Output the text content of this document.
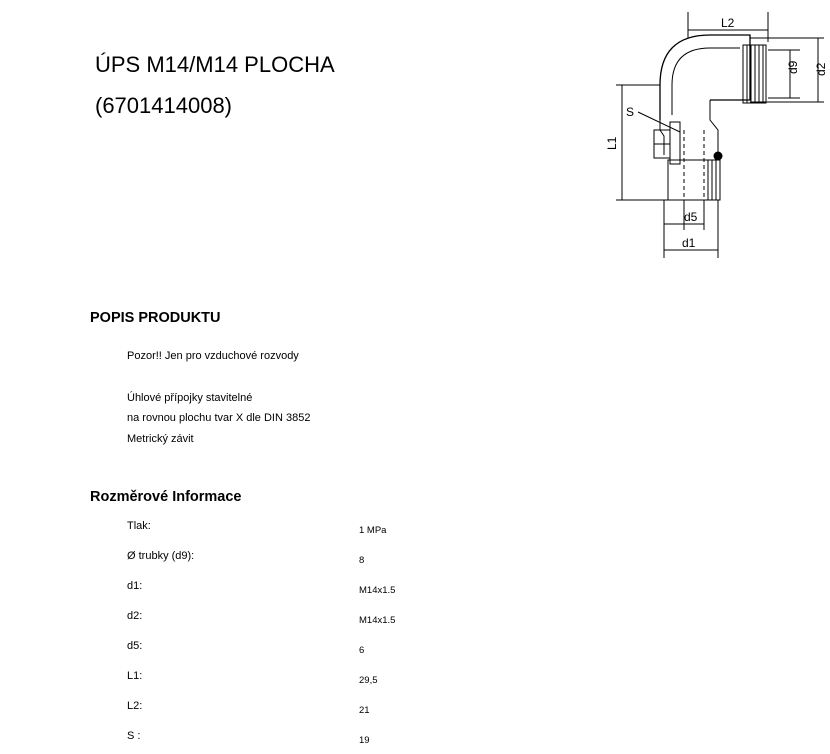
ÚPS M14/M14 PLOCHA
(6701414008)
L2
d9 d2
S
L1
d5
d1
POPIS PRODUKTU
Pozor!! Jen pro vzduchové rozvody
Úhlové přípojky stavitelné
na rovnou plochu tvar X dle DIN 3852
Metrický závit
Rozměrové Informace
Tlak:	1 MPa
Ø trubky (d9):	8
d1:	M14x1.5
d2:	M14x1.5
d5:	6
L1:	29,5
L2:	21
S :	19
